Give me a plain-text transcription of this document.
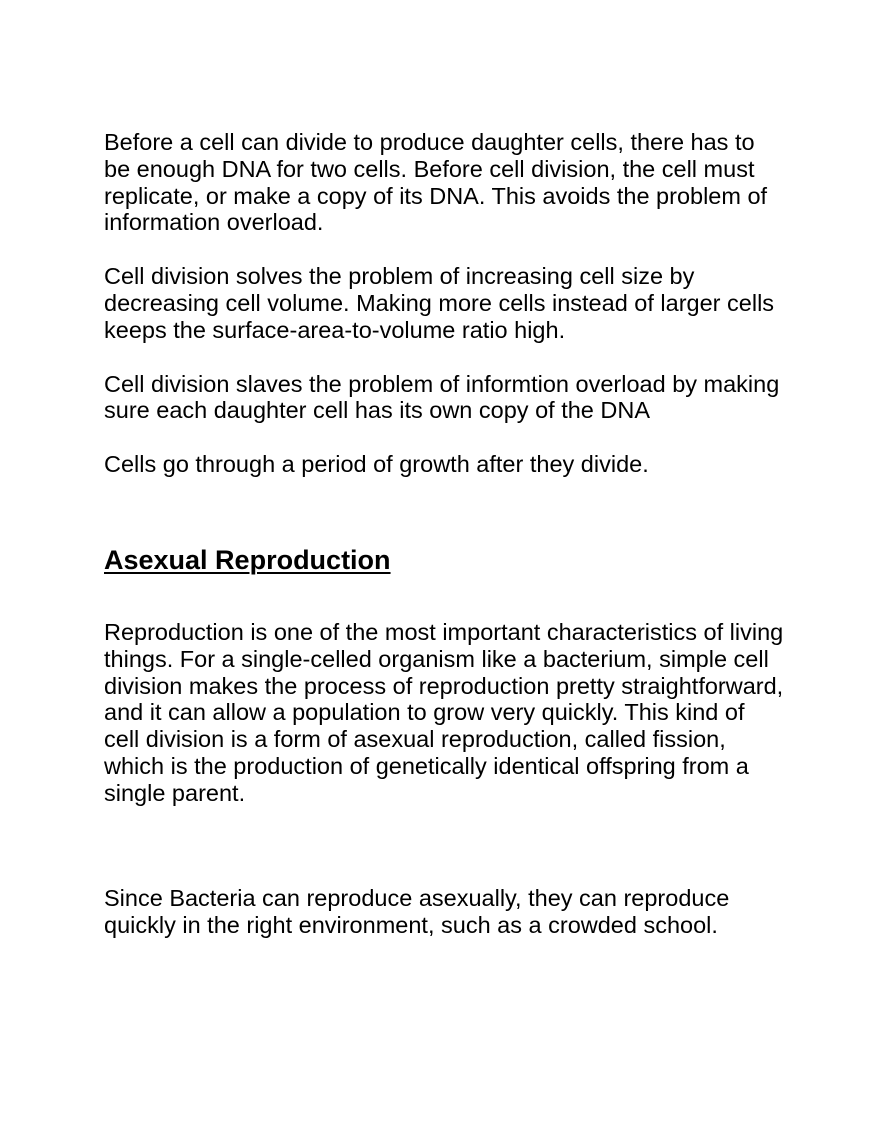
Before a cell can divide to produce daughter cells, there has to be enough DNA for two cells. Before cell division, the cell must replicate, or make a copy of its DNA. This avoids the problem of information overload.

Cell division solves the problem of increasing cell size by decreasing cell volume. Making more cells instead of larger cells keeps the surface-area-to-volume ratio high.

Cell division slaves the problem of informtion overload by making sure each daughter cell has its own copy of the DNA

Cells go through a period of growth after they divide.

Asexual Reproduction

Reproduction is one of the most important characteristics of living things. For a single-celled organism like a bacterium, simple cell division makes the process of reproduction pretty straightforward, and it can allow a population to grow very quickly. This kind of cell division is a form of asexual reproduction, called fission, which is the production of genetically identical offspring from a single parent.

Since Bacteria can reproduce asexually, they can reproduce quickly in the right environment, such as a crowded school.
